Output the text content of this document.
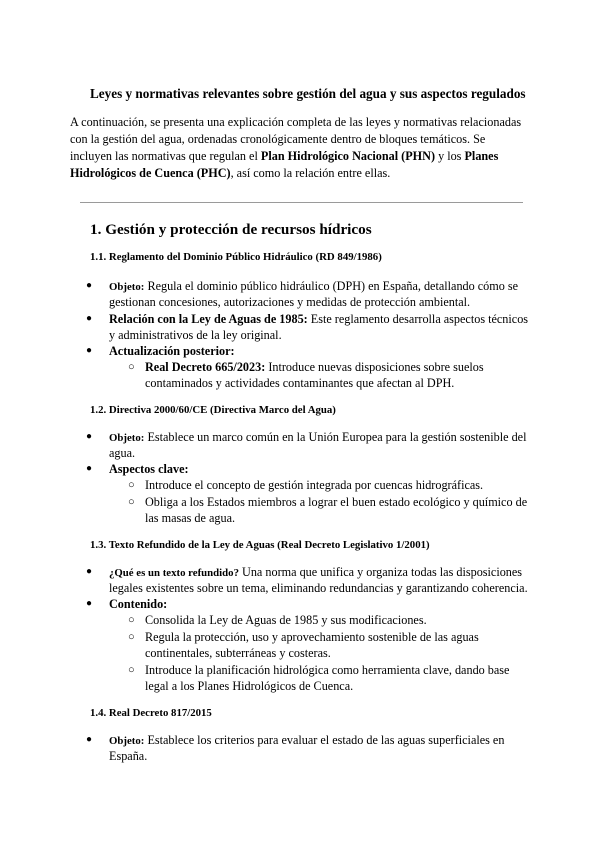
Leyes y normativas relevantes sobre gestión del agua y sus aspectos regulados
A continuación, se presenta una explicación completa de las leyes y normativas relacionadas
con la gestión del agua, ordenadas cronológicamente dentro de bloques temáticos. Se
incluyen las normativas que regulan el Plan Hidrológico Nacional (PHN) y los Planes
Hidrológicos de Cuenca (PHC), así como la relación entre ellas.
1. Gestión y protección de recursos hídricos
1.1. Reglamento del Dominio Público Hidráulico (RD 849/1986)
● Objeto: Regula el dominio público hidráulico (DPH) en España, detallando cómo se
gestionan concesiones, autorizaciones y medidas de protección ambiental.
● Relación con la Ley de Aguas de 1985: Este reglamento desarrolla aspectos técnicos
y administrativos de la ley original.
● Actualización posterior:
○ Real Decreto 665/2023: Introduce nuevas disposiciones sobre suelos
contaminados y actividades contaminantes que afectan al DPH.
1.2. Directiva 2000/60/CE (Directiva Marco del Agua)
● Objeto: Establece un marco común en la Unión Europea para la gestión sostenible del
agua.
● Aspectos clave:
○ Introduce el concepto de gestión integrada por cuencas hidrográficas.
○ Obliga a los Estados miembros a lograr el buen estado ecológico y químico de
las masas de agua.
1.3. Texto Refundido de la Ley de Aguas (Real Decreto Legislativo 1/2001)
● ¿Qué es un texto refundido? Una norma que unifica y organiza todas las disposiciones
legales existentes sobre un tema, eliminando redundancias y garantizando coherencia.
● Contenido:
○ Consolida la Ley de Aguas de 1985 y sus modificaciones.
○ Regula la protección, uso y aprovechamiento sostenible de las aguas
continentales, subterráneas y costeras.
○ Introduce la planificación hidrológica como herramienta clave, dando base
legal a los Planes Hidrológicos de Cuenca.
1.4. Real Decreto 817/2015
● Objeto: Establece los criterios para evaluar el estado de las aguas superficiales en
España.
